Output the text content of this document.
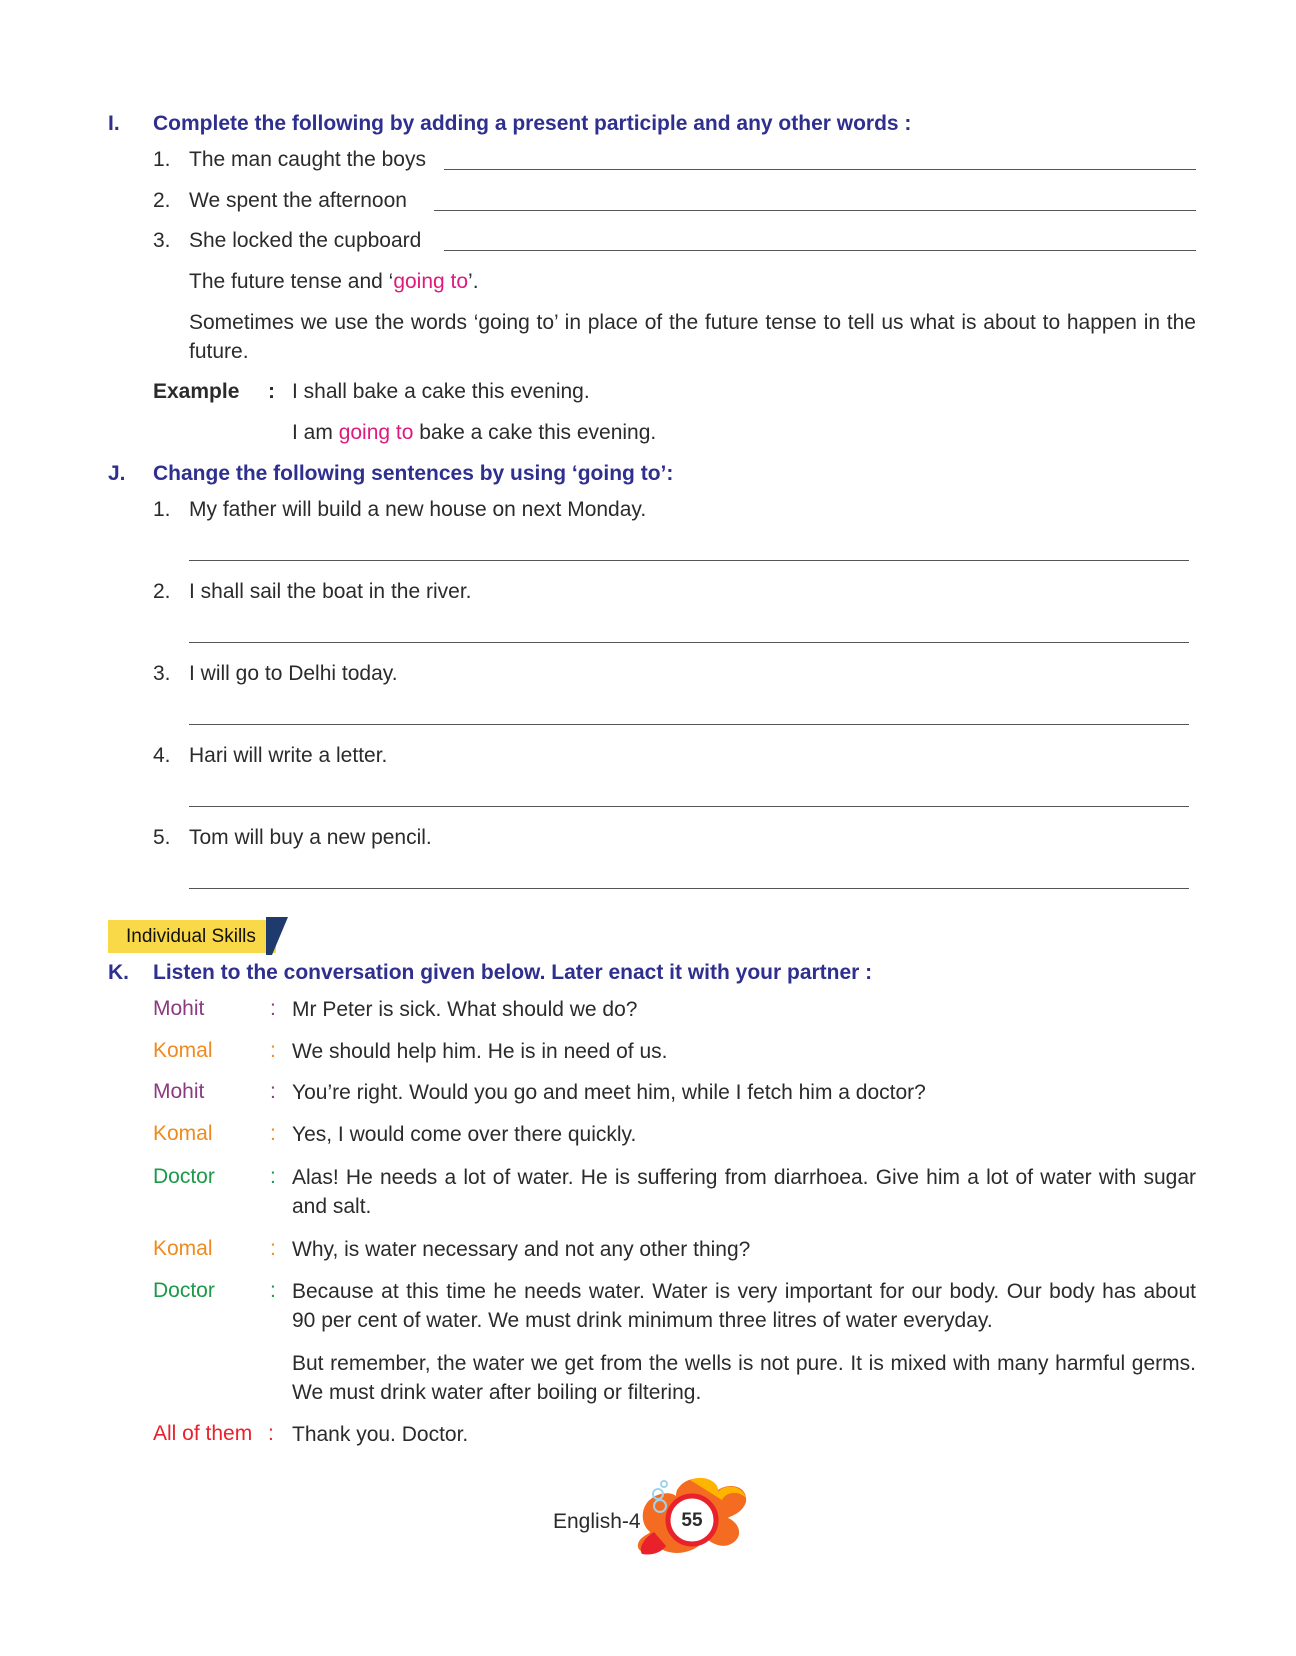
I. Complete the following by adding a present participle and any other words :
1. The man caught the boys
2. We spent the afternoon
3. She locked the cupboard
The future tense and ‘going to’.
Sometimes we use the words ‘going to’ in place of the future tense to tell us what is about to happen in the future.
Example : I shall bake a cake this evening.
I am going to bake a cake this evening.
J. Change the following sentences by using ‘going to’:
1. My father will build a new house on next Monday.
2. I shall sail the boat in the river.
3. I will go to Delhi today.
4. Hari will write a letter.
5. Tom will buy a new pencil.
Individual Skills
K. Listen to the conversation given below. Later enact it with your partner :
Mohit	: Mr Peter is sick. What should we do?
Komal	: We should help him. He is in need of us.
Mohit	: You’re right. Would you go and meet him, while I fetch him a doctor?
Komal	: Yes, I would come over there quickly.
Doctor	: Alas! He needs a lot of water. He is suffering from diarrhoea. Give him a lot of water with sugar and salt.
Komal	: Why, is water necessary and not any other thing?
Doctor	: Because at this time he needs water. Water is very important for our body. Our body has about 90 per cent of water. We must drink minimum three litres of water everyday.
But remember, the water we get from the wells is not pure. It is mixed with many harmful germs. We must drink water after boiling or filtering.
All of them : Thank you. Doctor.
English-4	55
